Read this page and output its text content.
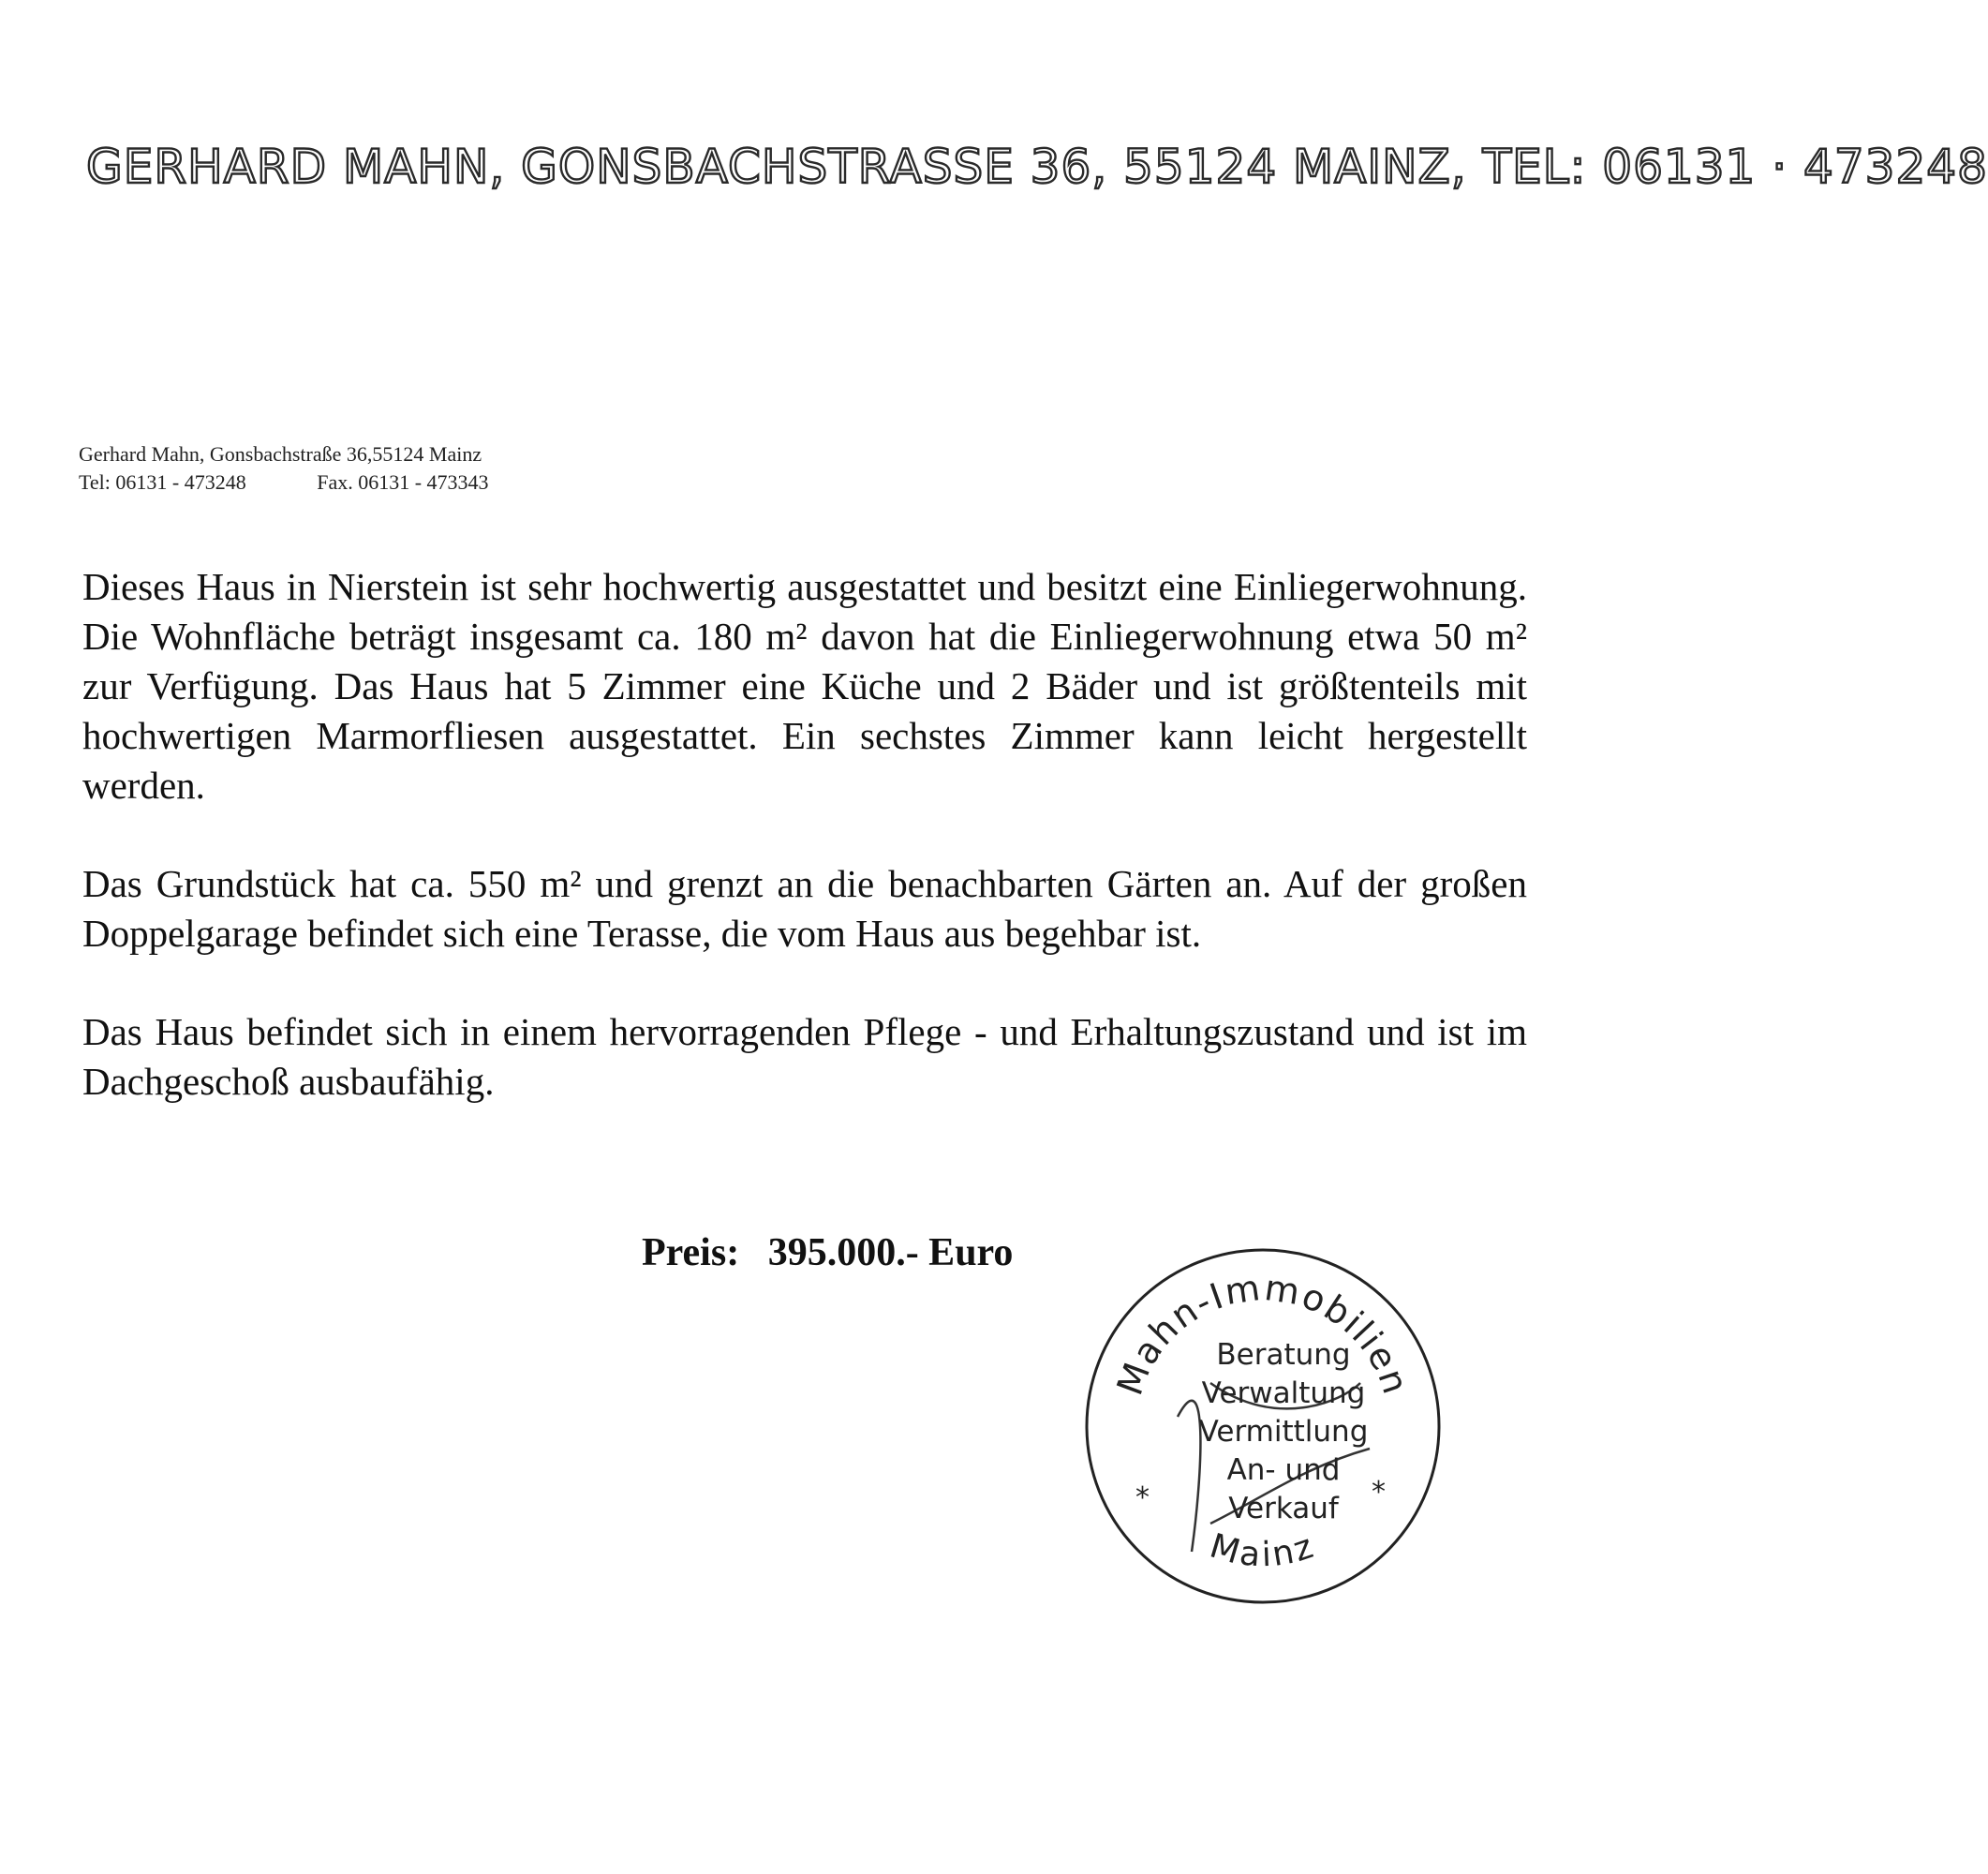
GERHARD MAHN, GONSBACHSTRASSE 36, 55124 MAINZ, TEL: 06131 · 473248
Gerhard Mahn, Gonsbachstraße 36,55124 Mainz
Tel: 06131 - 473248	Fax. 06131 - 473343

Dieses Haus in Nierstein ist sehr hochwertig ausgestattet und besitzt eine Einliegerwohnung. Die Wohnfläche beträgt insgesamt ca. 180 m² davon hat die Einliegerwohnung etwa 50 m² zur Verfügung. Das Haus hat 5 Zimmer eine Küche und 2 Bäder und ist größtenteils mit hochwertigen Marmorfliesen ausgestattet. Ein sechstes Zimmer kann leicht hergestellt werden.

Das Grundstück hat ca. 550 m² und grenzt an die benachbarten Gärten an. Auf der großen Doppelgarage befindet sich eine Terasse, die vom Haus aus begehbar ist.

Das Haus befindet sich in einem hervorragenden Pflege - und Erhaltungszustand und ist im Dachgeschoß ausbaufähig.

Preis: 395.000.- Euro
Mahn-Immobilien
Mainz
*	*
Beratung
Verwaltung
Vermittlung
An- und
Verkauf
